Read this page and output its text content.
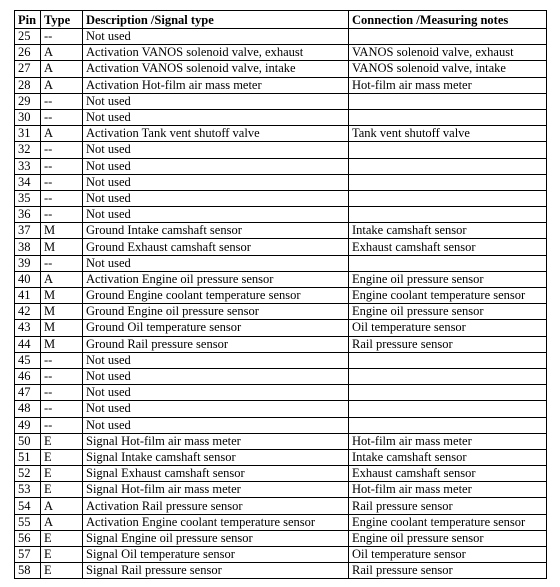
Pin	Type	Description /Signal type	Connection /Measuring notes
25	--	Not used	
26	A	Activation VANOS solenoid valve, exhaust	VANOS solenoid valve, exhaust
27	A	Activation VANOS solenoid valve, intake	VANOS solenoid valve, intake
28	A	Activation Hot-film air mass meter	Hot-film air mass meter
29	--	Not used	
30	--	Not used	
31	A	Activation Tank vent shutoff valve	Tank vent shutoff valve
32	--	Not used	
33	--	Not used	
34	--	Not used	
35	--	Not used	
36	--	Not used	
37	M	Ground Intake camshaft sensor	Intake camshaft sensor
38	M	Ground Exhaust camshaft sensor	Exhaust camshaft sensor
39	--	Not used	
40	A	Activation Engine oil pressure sensor	Engine oil pressure sensor
41	M	Ground Engine coolant temperature sensor	Engine coolant temperature sensor
42	M	Ground Engine oil pressure sensor	Engine oil pressure sensor
43	M	Ground Oil temperature sensor	Oil temperature sensor
44	M	Ground Rail pressure sensor	Rail pressure sensor
45	--	Not used	
46	--	Not used	
47	--	Not used	
48	--	Not used	
49	--	Not used	
50	E	Signal Hot-film air mass meter	Hot-film air mass meter
51	E	Signal Intake camshaft sensor	Intake camshaft sensor
52	E	Signal Exhaust camshaft sensor	Exhaust camshaft sensor
53	E	Signal Hot-film air mass meter	Hot-film air mass meter
54	A	Activation Rail pressure sensor	Rail pressure sensor
55	A	Activation Engine coolant temperature sensor	Engine coolant temperature sensor
56	E	Signal Engine oil pressure sensor	Engine oil pressure sensor
57	E	Signal Oil temperature sensor	Oil temperature sensor
58	E	Signal Rail pressure sensor	Rail pressure sensor
